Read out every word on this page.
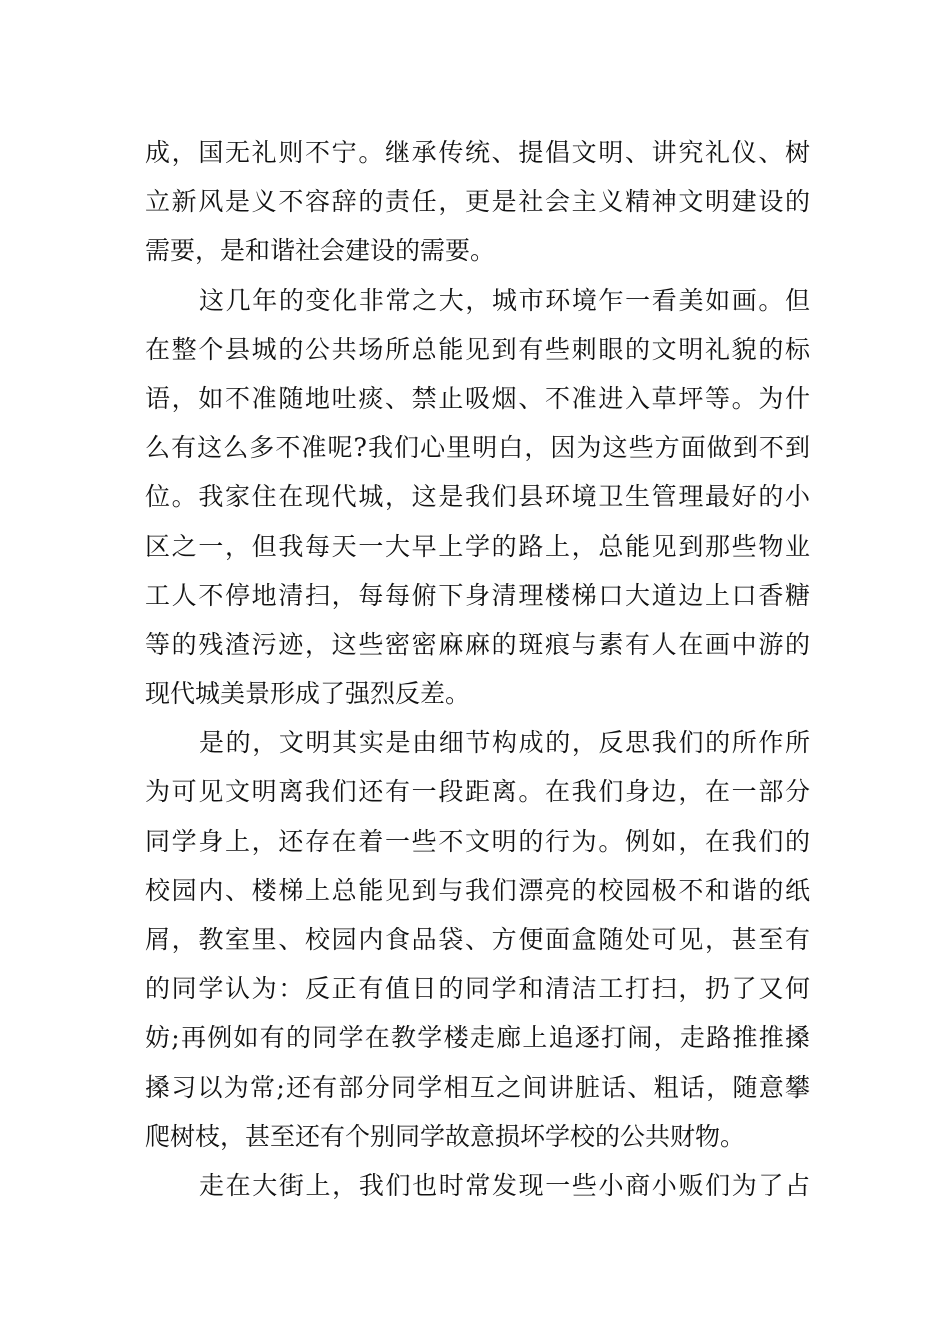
成，国无礼则不宁。继承传统、提倡文明、讲究礼仪、树
立新风是义不容辞的责任，更是社会主义精神文明建设的
需要，是和谐社会建设的需要。
这几年的变化非常之大，城市环境乍一看美如画。但
在整个县城的公共场所总能见到有些刺眼的文明礼貌的标
语，如不准随地吐痰、禁止吸烟、不准进入草坪等。为什
么有这么多不准呢?我们心里明白，因为这些方面做到不到
位。我家住在现代城，这是我们县环境卫生管理最好的小
区之一，但我每天一大早上学的路上，总能见到那些物业
工人不停地清扫，每每俯下身清理楼梯口大道边上口香糖
等的残渣污迹，这些密密麻麻的斑痕与素有人在画中游的
现代城美景形成了强烈反差。
是的，文明其实是由细节构成的，反思我们的所作所
为可见文明离我们还有一段距离。在我们身边，在一部分
同学身上，还存在着一些不文明的行为。例如，在我们的
校园内、楼梯上总能见到与我们漂亮的校园极不和谐的纸
屑，教室里、校园内食品袋、方便面盒随处可见，甚至有
的同学认为：反正有值日的同学和清洁工打扫，扔了又何
妨;再例如有的同学在教学楼走廊上追逐打闹，走路推推搡
搡习以为常;还有部分同学相互之间讲脏话、粗话，随意攀
爬树枝，甚至还有个别同学故意损坏学校的公共财物。
走在大街上，我们也时常发现一些小商小贩们为了占
